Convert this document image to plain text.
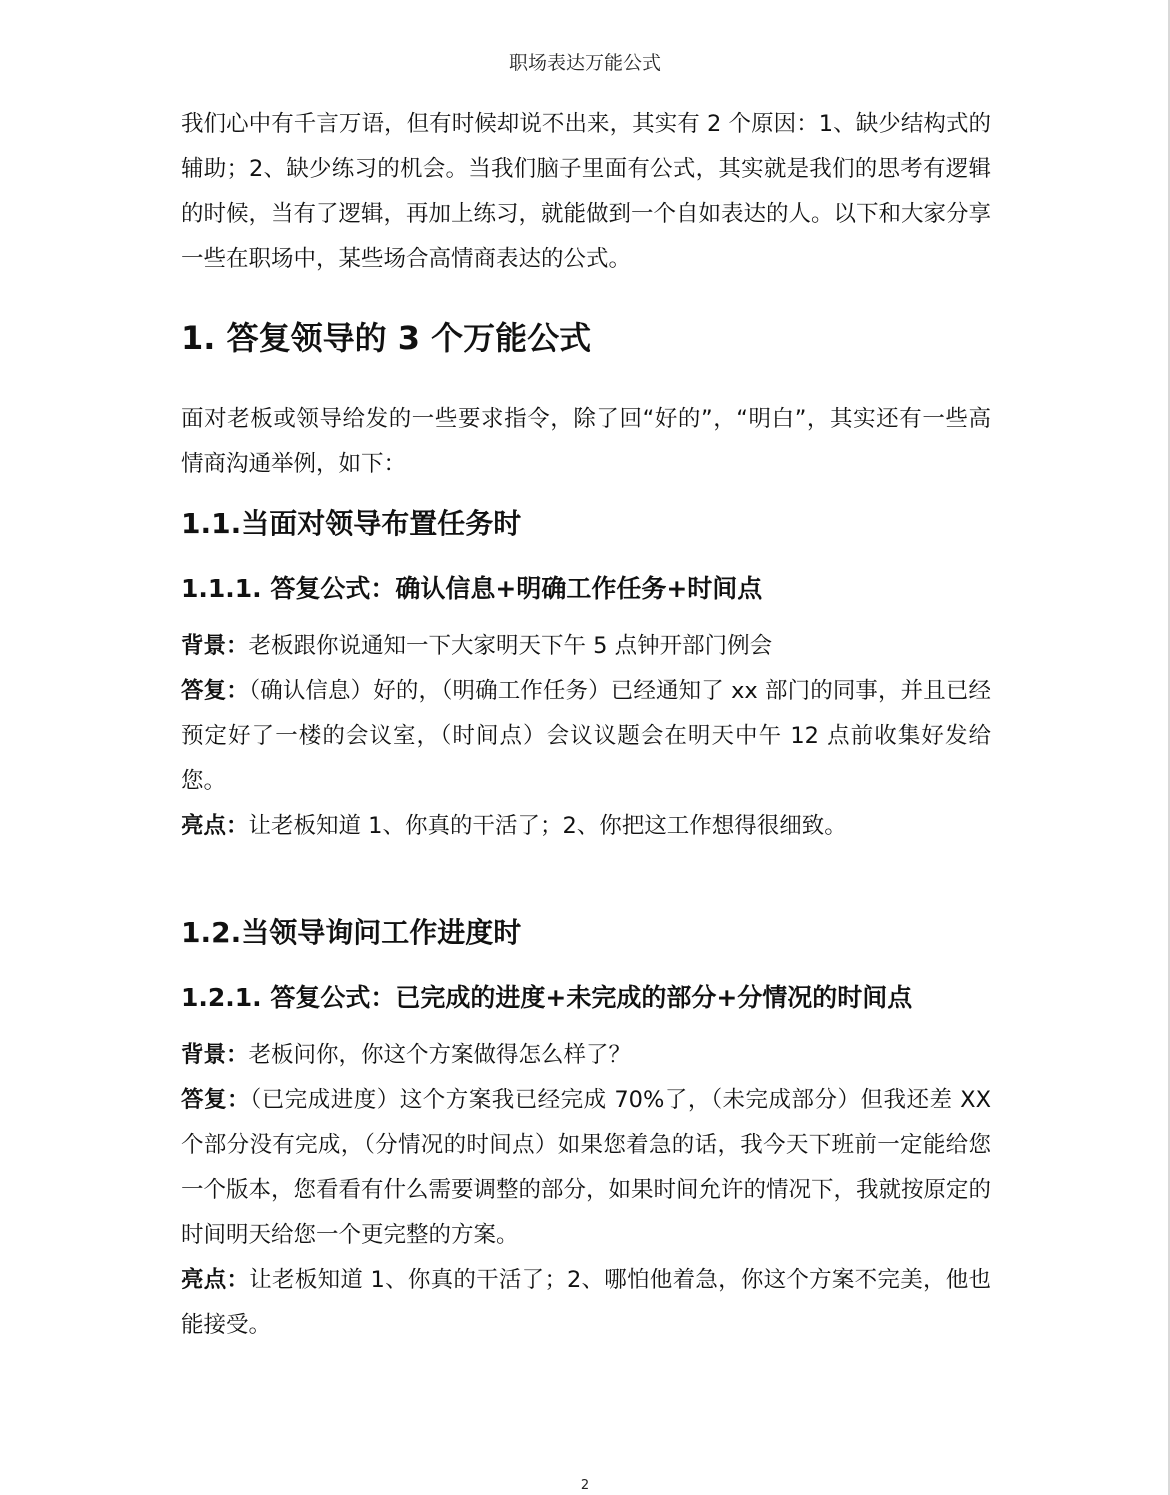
职场表达万能公式

我们心中有千言万语，但有时候却说不出来，其实有 2 个原因：1、缺少结构式的辅助；2、缺少练习的机会。当我们脑子里面有公式，其实就是我们的思考有逻辑的时候，当有了逻辑，再加上练习，就能做到一个自如表达的人。以下和大家分享一些在职场中，某些场合高情商表达的公式。

1. 答复领导的 3 个万能公式

面对老板或领导给发的一些要求指令，除了回“好的”，“明白”，其实还有一些高情商沟通举例，如下：

1.1.当面对领导布置任务时
1.1.1. 答复公式：确认信息+明确工作任务+时间点

背景：老板跟你说通知一下大家明天下午 5 点钟开部门例会

答复：（确认信息）好的，（明确工作任务）已经通知了 xx 部门的同事，并且已经预定好了一楼的会议室，（时间点）会议议题会在明天中午 12 点前收集好发给您。

亮点：让老板知道 1、你真的干活了；2、你把这工作想得很细致。

1.2.当领导询问工作进度时
1.2.1. 答复公式：已完成的进度+未完成的部分+分情况的时间点

背景：老板问你，你这个方案做得怎么样了？

答复：（已完成进度）这个方案我已经完成 70%了，（未完成部分）但我还差 XX 个部分没有完成，（分情况的时间点）如果您着急的话，我今天下班前一定能给您一个版本，您看看有什么需要调整的部分，如果时间允许的情况下，我就按原定的时间明天给您一个更完整的方案。

亮点：让老板知道 1、你真的干活了；2、哪怕他着急，你这个方案不完美，他也能接受。

2
